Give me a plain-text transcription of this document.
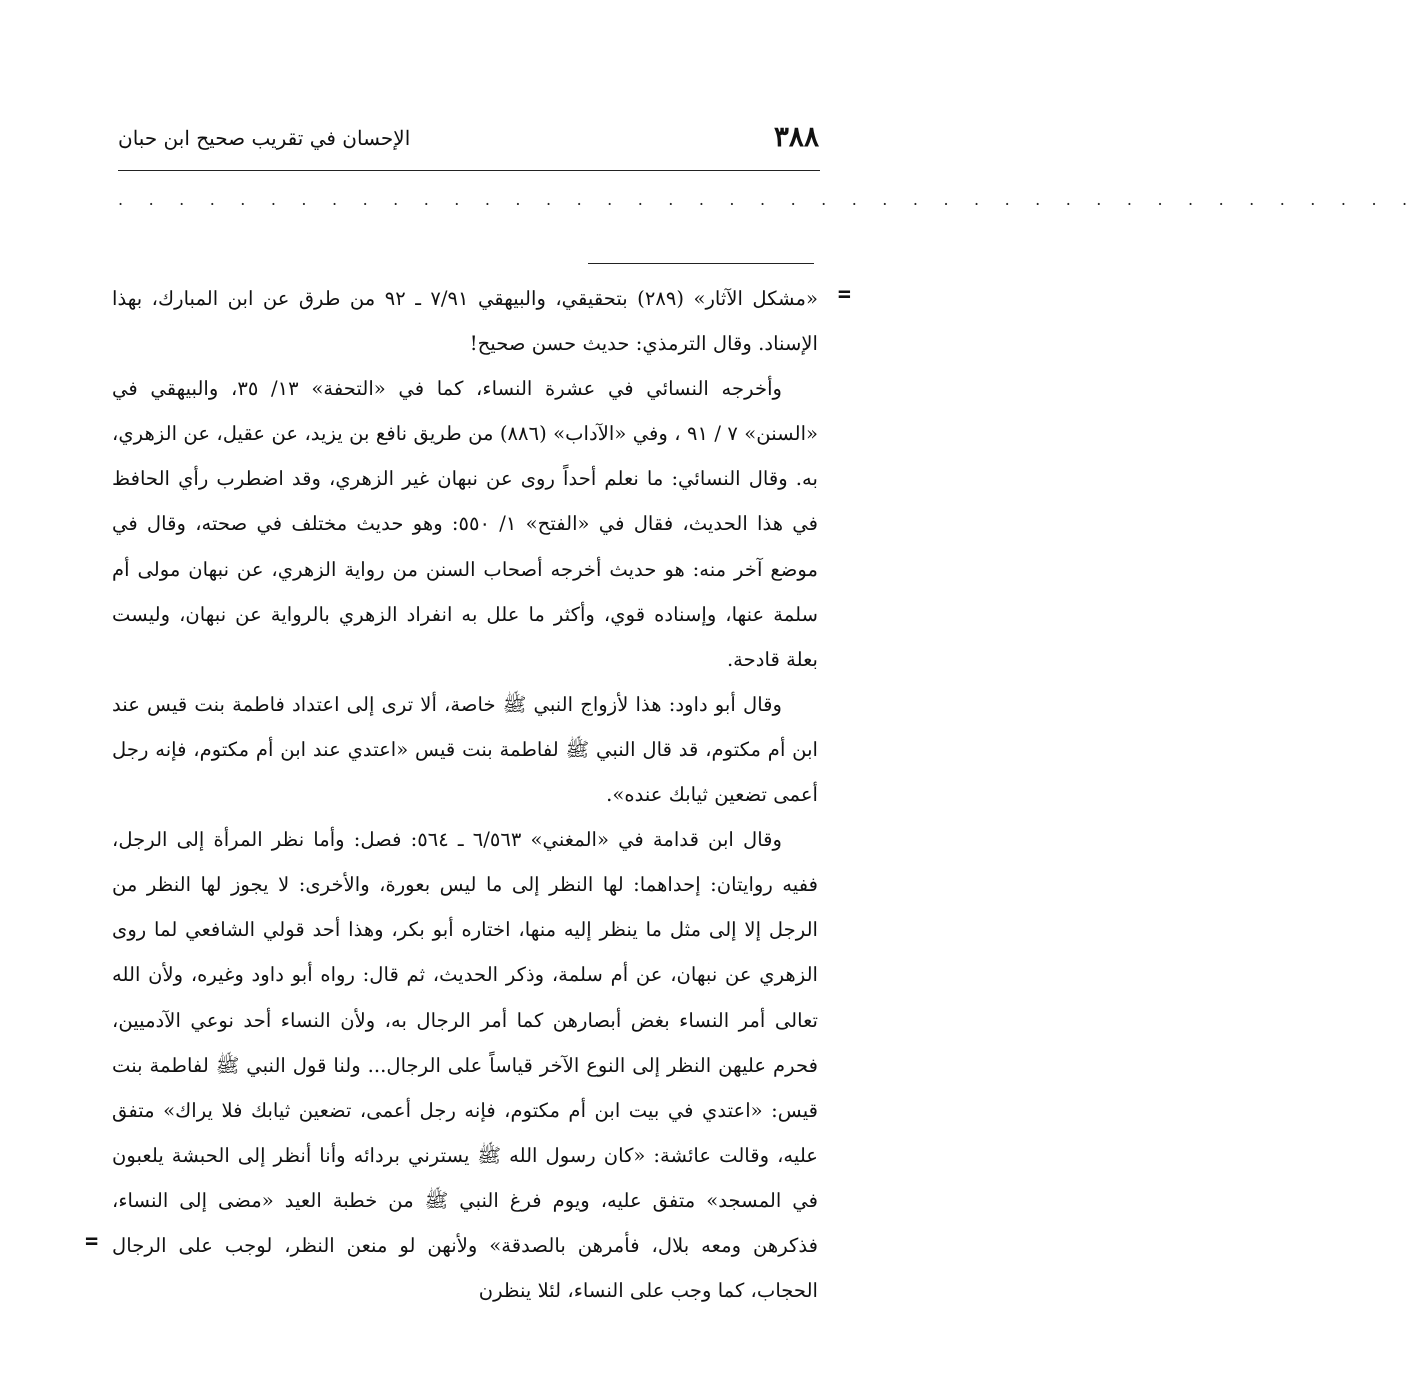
٣٨٨
الإحسان في تقريب صحيح ابن حبان
. . . . . . . . . . . . . . . . . . . . . . . . . . . . . . . . . . . . . . . . . . .
=

«مشكل الآثار» (٢٨٩) بتحقيقي، والبيهقي ٧/٩١ ـ ٩٢ من طرق عن ابن المبارك، بهذا الإسناد. وقال الترمذي: حديث حسن صحيح!

وأخرجه النسائي في عشرة النساء، كما في «التحفة» ١٣/ ٣٥، والبيهقي في «السنن» ٧ / ٩١ ، وفي «الآداب» (٨٨٦) من طريق نافع بن يزيد، عن عقيل، عن الزهري، به. وقال النسائي: ما نعلم أحداً روى عن نبهان غير الزهري، وقد اضطرب رأي الحافظ في هذا الحديث، فقال في «الفتح» ١/ ٥٥٠: وهو حديث مختلف في صحته، وقال في موضع آخر منه: هو حديث أخرجه أصحاب السنن من رواية الزهري، عن نبهان مولى أم سلمة عنها، وإسناده قوي، وأكثر ما علل به انفراد الزهري بالرواية عن نبهان، وليست بعلة قادحة.

وقال أبو داود: هذا لأزواج النبي ﷺ خاصة، ألا ترى إلى اعتداد فاطمة بنت قيس عند ابن أم مكتوم، قد قال النبي ﷺ لفاطمة بنت قيس «اعتدي عند ابن أم مكتوم، فإنه رجل أعمى تضعين ثيابك عنده».

وقال ابن قدامة في «المغني» ٦/٥٦٣ ـ ٥٦٤: فصل: وأما نظر المرأة إلى الرجل، ففيه روايتان: إحداهما: لها النظر إلى ما ليس بعورة، والأخرى: لا يجوز لها النظر من الرجل إلا إلى مثل ما ينظر إليه منها، اختاره أبو بكر، وهذا أحد قولي الشافعي لما روى الزهري عن نبهان، عن أم سلمة، وذكر الحديث، ثم قال: رواه أبو داود وغيره، ولأن الله تعالى أمر النساء بغض أبصارهن كما أمر الرجال به، ولأن النساء أحد نوعي الآدميين، فحرم عليهن النظر إلى النوع الآخر قياساً على الرجال... ولنا قول النبي ﷺ لفاطمة بنت قيس: «اعتدي في بيت ابن أم مكتوم، فإنه رجل أعمى، تضعين ثيابك فلا يراك» متفق عليه، وقالت عائشة: «كان رسول الله ﷺ يسترني بردائه وأنا أنظر إلى الحبشة يلعبون في المسجد» متفق عليه، ويوم فرغ النبي ﷺ من خطبة العيد «مضى إلى النساء، فذكرهن ومعه بلال، فأمرهن بالصدقة» ولأنهن لو منعن النظر، لوجب على الرجال الحجاب، كما وجب على النساء، لئلا ينظرن

=
